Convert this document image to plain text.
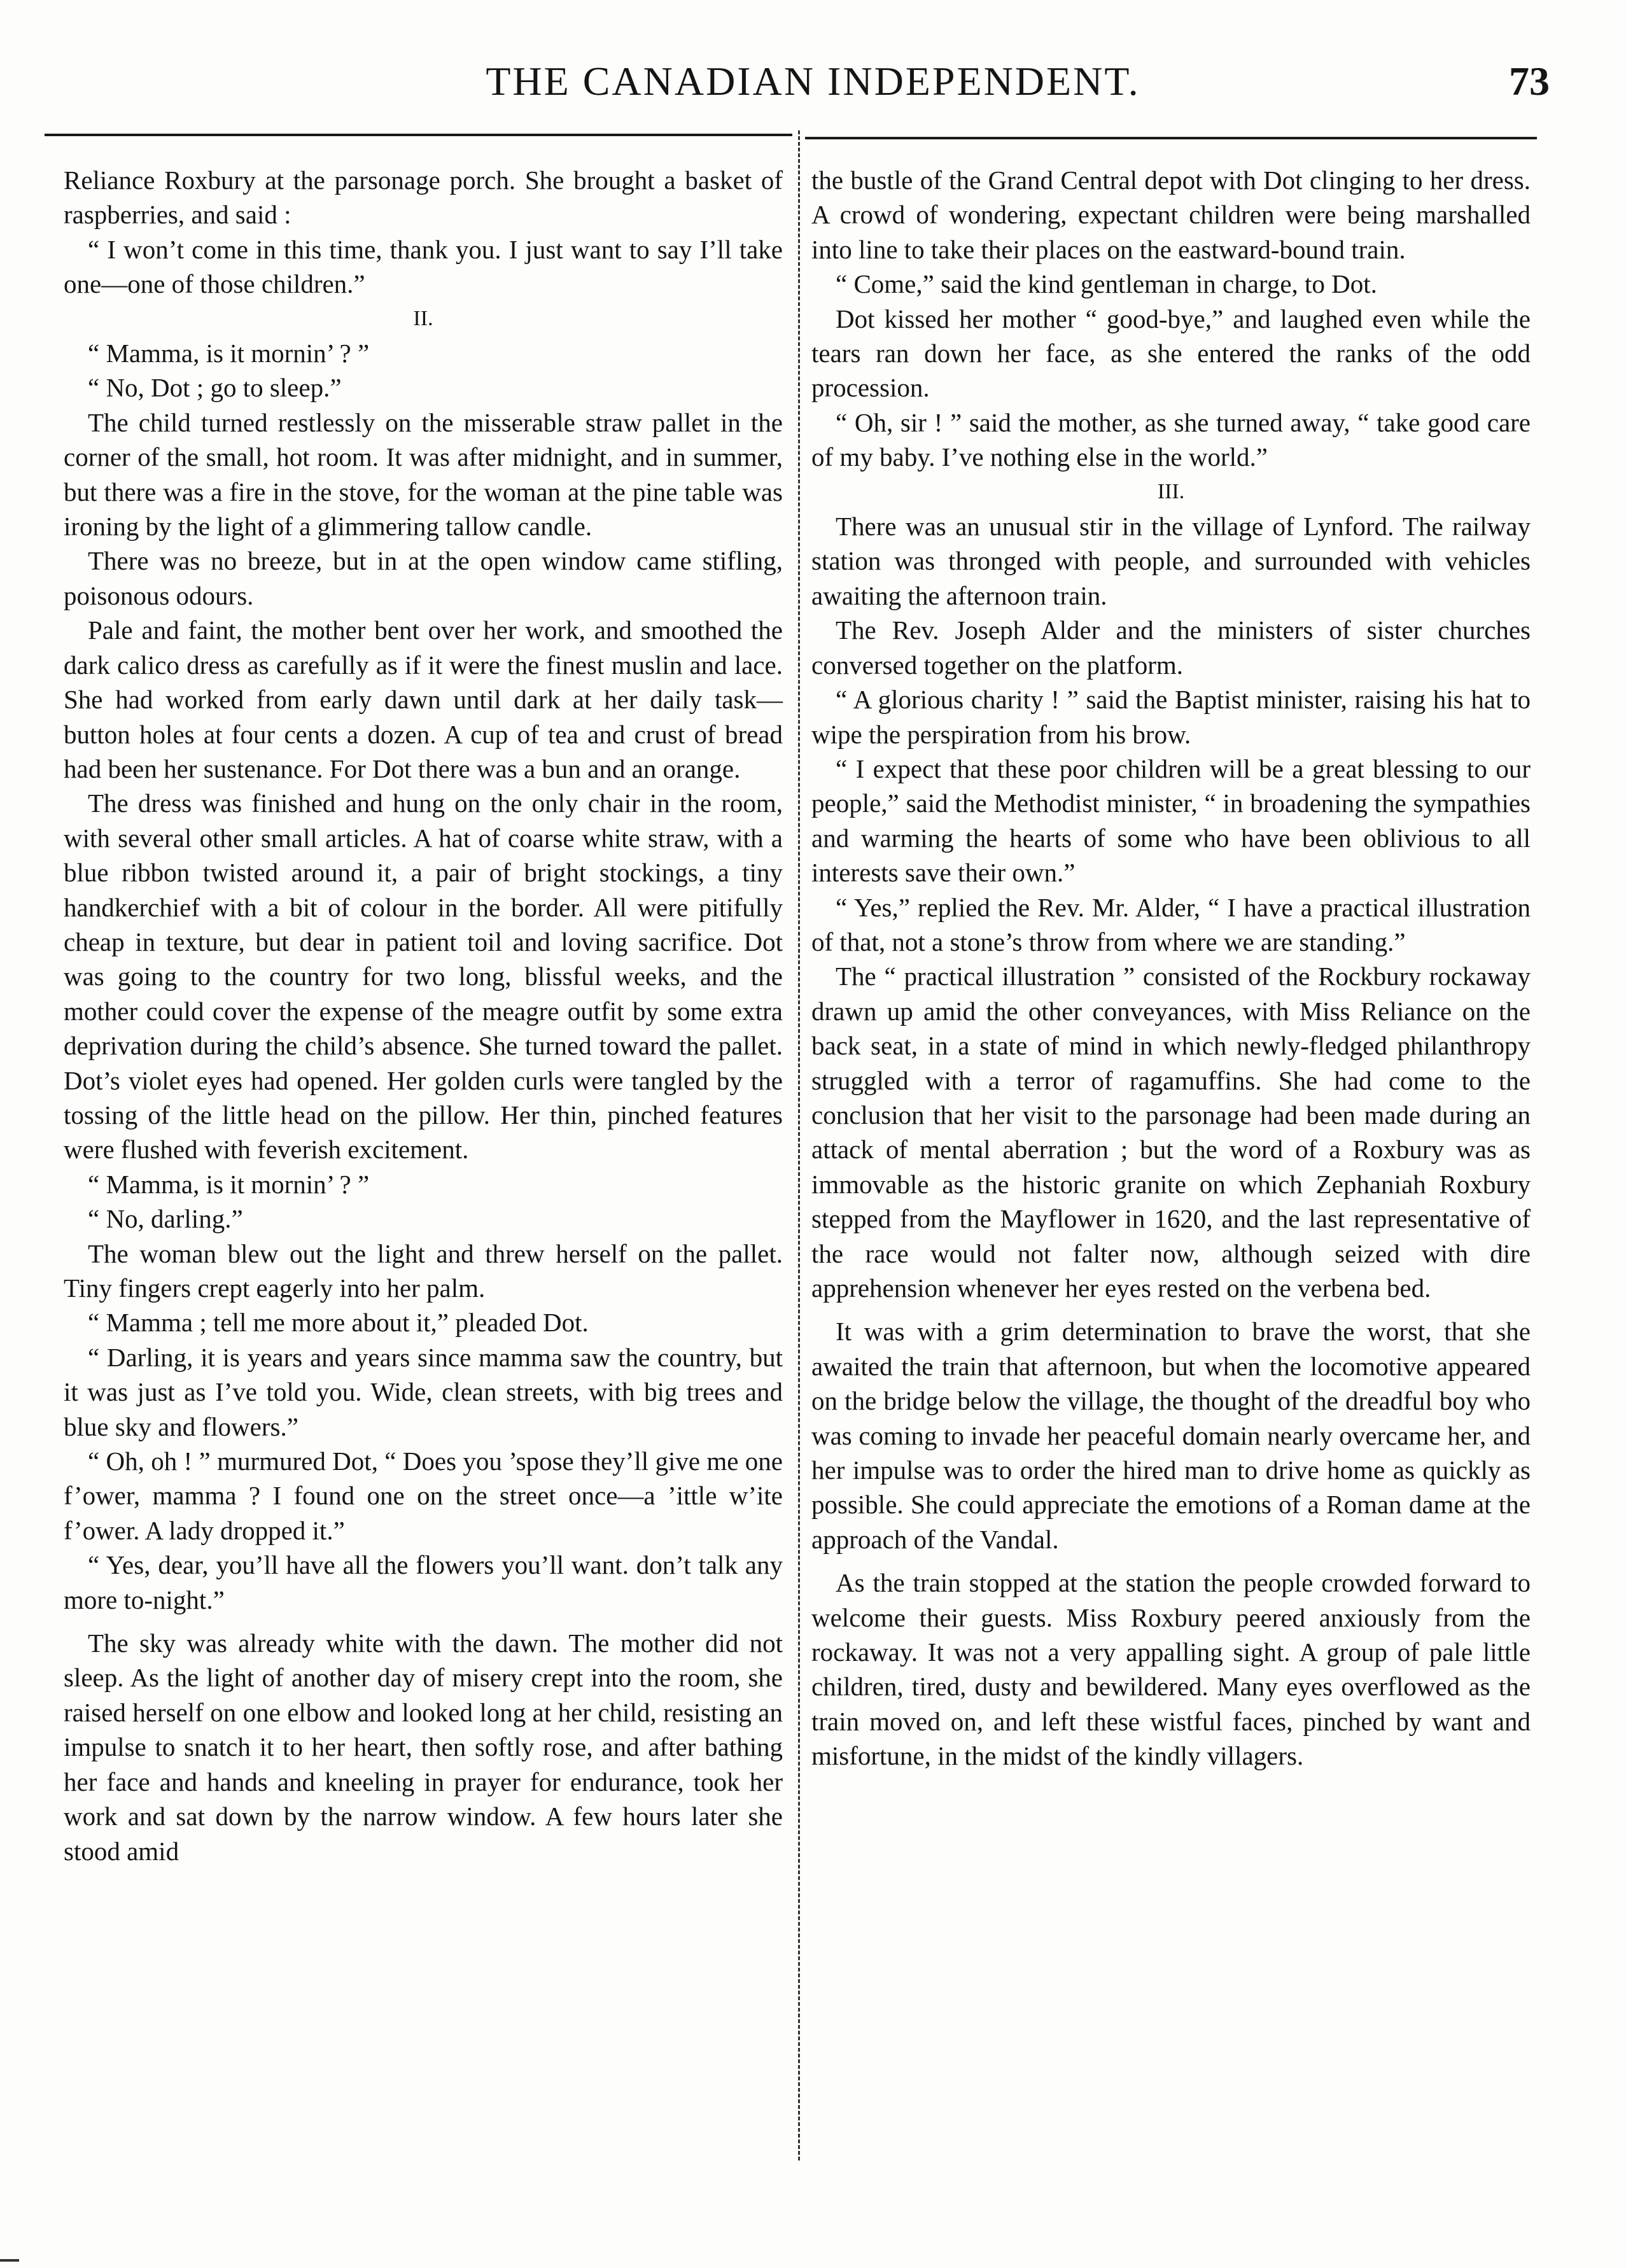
THE CANADIAN INDEPENDENT.	73

Reliance Roxbury at the parsonage porch. She brought a basket of raspberries, and said :

“ I won’t come in this time, thank you. I just want to say I’ll take one—one of those children.”

II.

“ Mamma, is it mornin’ ? ”

“ No, Dot ; go to sleep.”

The child turned restlessly on the misserable straw pallet in the corner of the small, hot room. It was after midnight, and in summer, but there was a fire in the stove, for the woman at the pine table was ironing by the light of a glimmering tallow candle.

There was no breeze, but in at the open window came stifling, poisonous odours.

Pale and faint, the mother bent over her work, and smoothed the dark calico dress as carefully as if it were the finest muslin and lace. She had worked from early dawn until dark at her daily task—button holes at four cents a dozen. A cup of tea and crust of bread had been her sustenance. For Dot there was a bun and an orange.

The dress was finished and hung on the only chair in the room, with several other small articles. A hat of coarse white straw, with a blue ribbon twisted around it, a pair of bright stockings, a tiny handkerchief with a bit of colour in the border. All were pitifully cheap in texture, but dear in patient toil and loving sacrifice. Dot was going to the country for two long, blissful weeks, and the mother could cover the expense of the meagre outfit by some extra deprivation during the child’s absence. She turned toward the pallet. Dot’s violet eyes had opened. Her golden curls were tangled by the tossing of the little head on the pillow. Her thin, pinched features were flushed with feverish excitement.

“ Mamma, is it mornin’ ? ”

“ No, darling.”

The woman blew out the light and threw herself on the pallet. Tiny fingers crept eagerly into her palm.

“ Mamma ; tell me more about it,” pleaded Dot.

“ Darling, it is years and years since mamma saw the country, but it was just as I’ve told you. Wide, clean streets, with big trees and blue sky and flowers.”

“ Oh, oh ! ” murmured Dot, “ Does you ’spose they’ll give me one f’ower, mamma ? I found one on the street once—a ’ittle w’ite f’ower. A lady dropped it.”

“ Yes, dear, you’ll have all the flowers you’ll want. don’t talk any more to-night.”

The sky was already white with the dawn. The mother did not sleep. As the light of another day of misery crept into the room, she raised herself on one elbow and looked long at her child, resisting an impulse to snatch it to her heart, then softly rose, and after bathing her face and hands and kneeling in prayer for endurance, took her work and sat down by the narrow window. A few hours later she stood amid

the bustle of the Grand Central depot with Dot clinging to her dress. A crowd of wondering, expectant children were being marshalled into line to take their places on the eastward-bound train.

“ Come,” said the kind gentleman in charge, to Dot.

Dot kissed her mother “ good-bye,” and laughed even while the tears ran down her face, as she entered the ranks of the odd procession.

“ Oh, sir ! ” said the mother, as she turned away, “ take good care of my baby. I’ve nothing else in the world.”

III.

There was an unusual stir in the village of Lynford. The railway station was thronged with people, and surrounded with vehicles awaiting the afternoon train.

The Rev. Joseph Alder and the ministers of sister churches conversed together on the platform.

“ A glorious charity ! ” said the Baptist minister, raising his hat to wipe the perspiration from his brow.

“ I expect that these poor children will be a great blessing to our people,” said the Methodist minister, “ in broadening the sympathies and warming the hearts of some who have been oblivious to all interests save their own.”

“ Yes,” replied the Rev. Mr. Alder, “ I have a practical illustration of that, not a stone’s throw from where we are standing.”

The “ practical illustration ” consisted of the Rockbury rockaway drawn up amid the other conveyances, with Miss Reliance on the back seat, in a state of mind in which newly-fledged philanthropy struggled with a terror of ragamuffins. She had come to the conclusion that her visit to the parsonage had been made during an attack of mental aberration ; but the word of a Roxbury was as immovable as the historic granite on which Zephaniah Roxbury stepped from the Mayflower in 1620, and the last representative of the race would not falter now, although seized with dire apprehension whenever her eyes rested on the verbena bed.

It was with a grim determination to brave the worst, that she awaited the train that afternoon, but when the locomotive appeared on the bridge below the village, the thought of the dreadful boy who was coming to invade her peaceful domain nearly overcame her, and her impulse was to order the hired man to drive home as quickly as possible. She could appreciate the emotions of a Roman dame at the approach of the Vandal.

As the train stopped at the station the people crowded forward to welcome their guests. Miss Roxbury peered anxiously from the rockaway. It was not a very appalling sight. A group of pale little children, tired, dusty and bewildered. Many eyes overflowed as the train moved on, and left these wistful faces, pinched by want and misfortune, in the midst of the kindly villagers.
